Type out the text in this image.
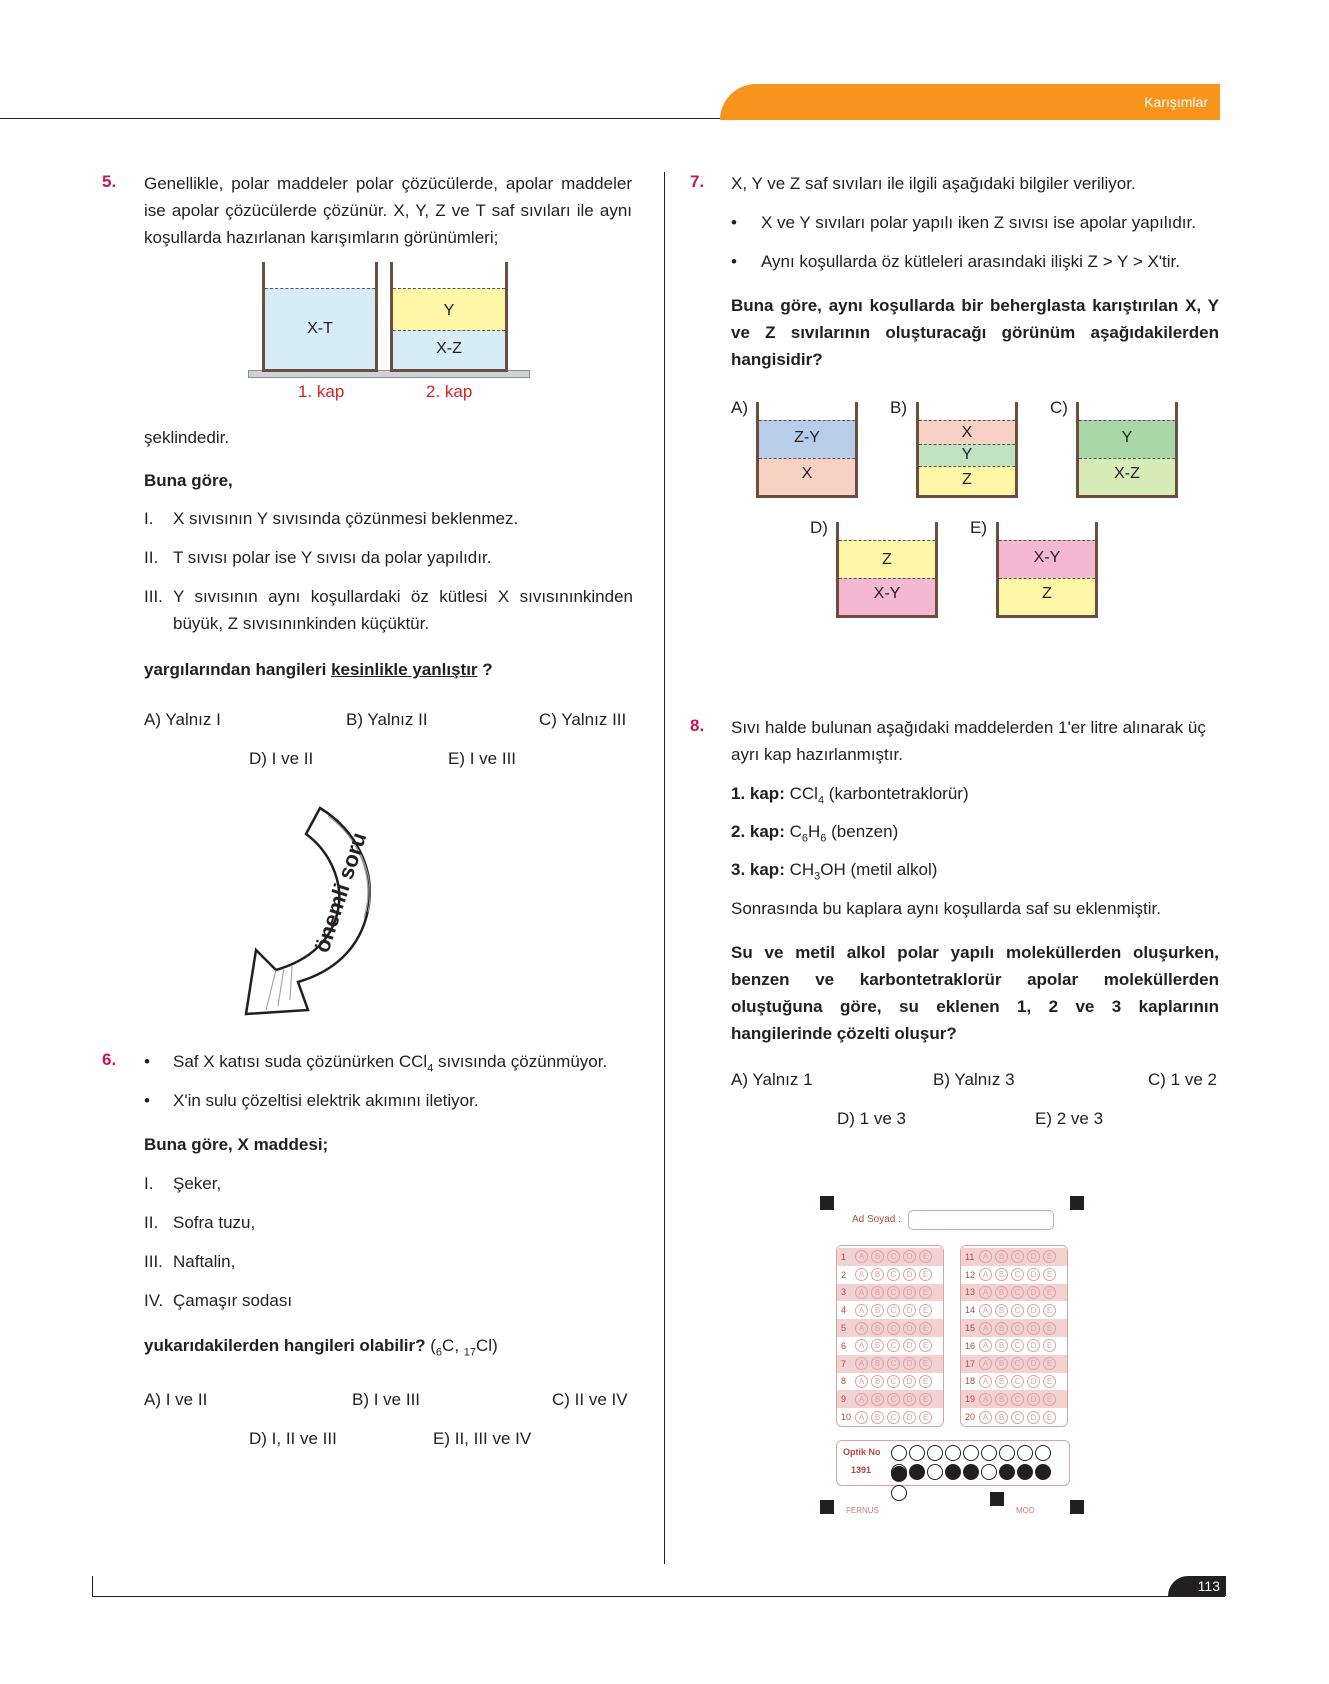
Karışımlar
5. Genellikle, polar maddeler polar çözücülerde, apolar maddeler ise apolar çözücülerde çözünür. X, Y, Z ve T saf sıvıları ile aynı koşullarda hazırlanan karışımların görünümleri;
X-T
Y
X-Z
1. kap	2. kap
şeklindedir.
Buna göre,
I. X sıvısının Y sıvısında çözünmesi beklenmez.
II. T sıvısı polar ise Y sıvısı da polar yapılıdır.
III. Y sıvısının aynı koşullardaki öz kütlesi X sıvısınınkinden büyük, Z sıvısınınkinden küçüktür.
yargılarından hangileri kesinlikle yanlıştır ?
A) Yalnız I	B) Yalnız II	C) Yalnız III
D) I ve II	E) I ve III
önemli soru
6. • Saf X katısı suda çözünürken CCl$_4$ sıvısında çözünmüyor.
• X'in sulu çözeltisi elektrik akımını iletiyor.
Buna göre, X maddesi;
I. Şeker,
II. Sofra tuzu,
III. Naftalin,
IV. Çamaşır sodası
yukarıdakilerden hangileri olabilir? ($_6C$, $_{17}$Cl)
A) I ve II	B) I ve III	C) II ve IV
D) I, II ve III	E) II, III ve IV
7. X, Y ve Z saf sıvıları ile ilgili aşağıdaki bilgiler veriliyor.
• X ve Y sıvıları polar yapılı iken Z sıvısı ise apolar yapılıdır.
• Aynı koşullarda öz kütleleri arasındaki ilişki Z > Y > X'tir.
Buna göre, aynı koşullarda bir beherglasta karıştırılan X, Y ve Z sıvılarının oluşturacağı görünüm aşağıdakilerden hangisidir?
A)
Z-Y
X
B)
X
Y
Z
C)
Y
X-Z
D)
Z
X-Y
E)
X-Y
Z
8. Sıvı halde bulunan aşağıdaki maddelerden 1'er litre alınarak üç ayrı kap hazırlanmıştır.
1. kap: CCl$_4$ (karbontetraklorür)
2. kap: $C_6H_6$ (benzen)
3. kap: $CH_3OH$ (metil alkol)
Sonrasında bu kaplara aynı koşullarda saf su eklenmiştir.
Su ve metil alkol polar yapılı moleküllerden oluşurken, benzen ve karbontetraklorür apolar moleküllerden oluştuğuna göre, su eklenen 1, 2 ve 3 kaplarının hangilerinde çözelti oluşur?
A) Yalnız 1	B) Yalnız 3	C) 1 ve 2
D) 1 ve 3	E) 2 ve 3
Ad Soyad :
1	A	B	C	D	E
2	A	B	C	D	E
3	A	B	C	D	E
4	A	B	C	D	E
5	A	B	C	D	E
6	A	B	C	D	E
7	A	B	C	D	E
8	A	B	C	D	E
9	A	B	C	D	E
10 A	B	C	D	E
11	A	B	C	D	E
12 A	B	C	D	E
13 A	B	C	D	E
14 A	B	C	D	E
15 A	B	C	D	E
16 A	B	C	D	E
17 A	B	C	D	E
18 A	B	C	D	E
19 A	B	C	D	E
20 A	B	C	D	E
Optik No
1391
FERNUS	MOD
113
